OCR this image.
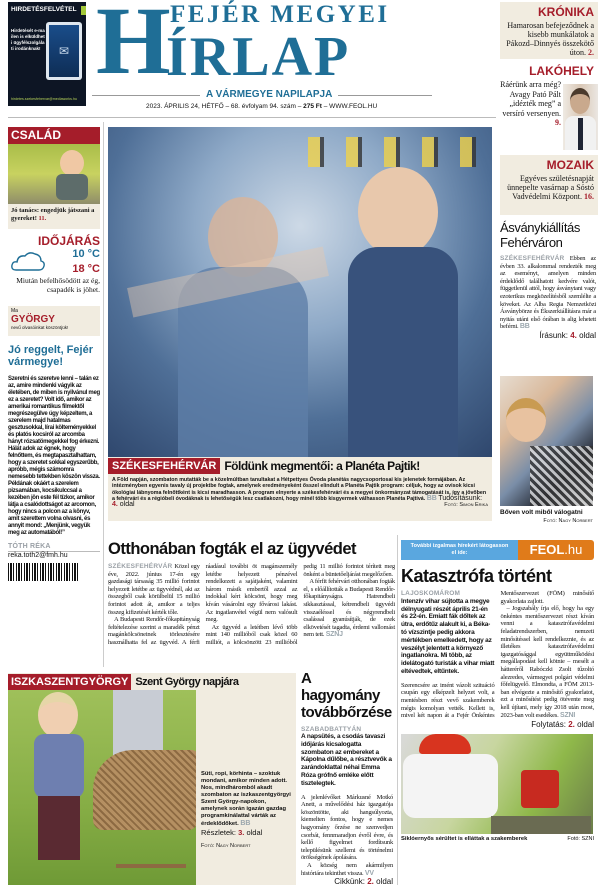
HIRDETÉSFELVÉTEL
✉
Hirdetését e-mailen is elküldheti ügyfélszolgálati irodánknak!
hirdetes.szekesfehervar@mediaworks.hu
H FEJÉR MEGYEI
ÍRLAP
A VÁRMEGYE NAPILAPJA
2023. ÁPRILIS 24, HÉTFŐ – 68. évfolyam 94. szám – 275 Ft – WWW.FEOL.HU
KRÓNIKA
Hamarosan befejeződnek a kisebb munkálatok a Pákozd–Dinnyés összekötő úton. 2.
LAKÓHELY
Ráérünk arra még? Avagy Pató Pált „idézték meg” a versíró versenyen.
9.
MOZAIK
Egyéves születésnapját ünnepelte vasárnap a Sóstó Vadvédelmi Központ. 16.
Ásványkiállítás Fehérváron
SZÉKESFEHÉRVÁR Ebben az évben 33. alkalommal rendezték meg az eseményt, amelyen minden érdeklődő találhatott kedvére valót, függetlenül attól, hogy ásványtani vagy ezoterikus megközelítésből szemlélte a köveket. Az Alba Regia Nemzetközi Ásványbörze és Ékszerkiállításra már a nyitás utáni első órában is alig lehetett beférni. BB
Írásunk: 4. oldal
Bőven volt miből válogatni
Fotó: Nagy Norbert
CSALÁD
Jó tanács: engedjük játszani a gyereket! 11.
IDŐJÁRÁS
10 °C
18 °C
Miután befelhősödött az ég, csapadék is jöhet.
Ma
GYÖRGY
nevű olvasóinkat köszöntjük!
Jó reggelt, Fejér vármegye!
Szeretni és szeretve lenni – talán ez az, amire mindenki vágyik az életében, de miben is nyilvánul meg ez a szeretet? Volt idő, amikor az amerikai romantikus filmektől megrészegülve úgy képzeltem, a szerelem majd hatalmas gesztusokkal, lírai költeményekkel és platós kocsiról az arcomba hányt rózsatömegekkel fog érkezni. Hálát adok az égnek, hogy felnőttem, és megtapasztalhattam, hogy a szeretet sokkal egyszerűbb, apróbb, mégis számomra nemesebb tettekben köszön vissza. Példának okáért a szerelem pizsamában, kocsikulccsal a kezében jön este fél tízkor, amikor látja a csalódottságot az arcomon, hogy nincs a polcon az a könyv, amit szerettem volna olvasni, és annyit mond: „Menjünk, vegyük meg az automatából!”
TÓTH RÉKA
reka.toth2@fmh.hu
SZÉKESFEHÉRVÁR Földünk megmentői: a Planéta Pajtik!
A Föld napján, szombaton mutatták be a közelmúltban tanultakat a Hétpettyes Óvoda planétás nagycsoportosai kis jelenetek formájában. Az intézményben egyenis tavaly új projektbe fogtak, amelynek eredményeként ősszel elindult a Planéta Pajtik program: céljuk, hogy az ovisok kicsi ökológiai lábnyoma felnőttként is kicsi maradhasson. A program elnyerte a székesfehérvári és a megyei önkormányzat támogatását is, így a jövőben a fehérvári és a régióbeli óvodáknak is lehetőségük lesz csatlakozni, hogy minél több kisgyermek válhasson Planéta Pajtivá. BB Tudósításunk: 4. oldal	Fotó: Simon Erika
Otthonában fogták el az ügyvédet

SZÉKESFEHÉRVÁR Közel egy éve, 2022. június 17-én egy gazdasági társaság 35 millió forintot helyezett letétbe az ügyvédnél, aki az összegből csak körülbelül 15 millió forintot adott át, amikor a teljes összeg kifizetését kérték tőle.

A Budapesti Rendőr-főkapitányság feltételezése szerint a maradék pénzt magánkölcsöneinek törlesztésére használhatta fel az ügyvéd. A férfi ráadásul további öt magánszemély letétbe helyezett pénzével rendelkezett a sajátjaként, valamint három másik embertől azzal az indokkal kért kölcsönt, hogy meg kíván vásárolni egy fővárosi lakást. Az ingatlanvétel végül nem valósult meg.

Az ügyvéd a letétben lévő több mint 140 millióból csak közel 60 milliót, a kölcsönzött 23 millióból pedig 11 millió forintot térített meg önként a büntetőeljárást megelőzően.

A férfit fehérvári otthonában fogták el, s előállították a Budapesti Rendőr-főkapitányságra. Hatrendbeli sikkasztással, kétrendbeli ügyvédi visszaéléssel és négyrendbeli csalással gyanúsítják, de ezek elkövetését tagadta, érdemi vallomást nem tett. SZNJ

ISZKASZENTGYÖRGY Szent György napjára
Süti, ropi, körhinta – szoktuk mondani, amikor minden adott. Nos, mindháromból akadt szombaton az iszkaszentgyörgyi Szent György-napokon, amelynek során igazán gazdag programkínálattal várták az érdeklődőket. BB
Részletek: 3. oldal
Fotó: Nagy Norbert
A hagyomány továbbőrzése
SZABADBATTYÁN
A napsütés, a csodás tavaszi időjárás kicsalogatta szombaton az embereket a Kápolna dűlőbe, a résztvevők a zarándoklattal néhai Emma Róza grófnő emléke előtt tisztelegtek.

A jelenlévőket Márkusné Motkó Anett, a művelődési ház igazgatója köszöntötte, aki hangsúlyozta, kiemelten fontos, hogy e nemes hagyomány őrzése ne szenvedjen csorbát, fennmaradjon évről évre, és kellő figyelmet fordítsunk településünk szellemi és történelmi örökségének ápolására.

A község nem akármilyen históriára tekinthet vissza. VV

Cikkünk: 2. oldal
További izgalmas hírekért látogasson el ide:	FEOL.hu
Katasztrófa történt

LAJOSKOMÁROM
Intenzív vihar sújtotta a megye délnyugati részét április 21-én és 22-én. Emiatt fák dőltek az útra, erdőtűz alakult ki, a Béka-tó vízszintje pedig akkora mértékben emelkedett, hogy az veszélyt jelentett a környező ingatlanokra. Mi több, az idelátogató turisták a vihar miatt eltévedtek, eltűntek.

Szerencsére az imént vázolt szituáció csupán egy elképzelt helyzet volt, a mentésben részt vevő szakemberek mégis komolyan vették. Kellett is, mivel két napon át a Fejér Önkéntes Mentőszervezet (FÖM) minősítő gyakorlata zajlott.

– Jogszabály írja elő, hogy ha egy önkéntes mentőszervezet részt kíván venni a katasztrófavédelmi feladatrendszerben, nemzeti minősítéssel kell rendelkeznie, és az illetékes katasztrófavédelmi igazgatósággal együttműködési megállapodást kell kötnie – mesélt a hátteréről Rabóczki Zsolt tűzoltó alezredes, vármegyei polgári védelmi főfelügyelő. Elmondta, a FÖM 2013-ban elvégezte a minősítő gyakorlatot, ezt a minősítést pedig ötévente meg kell újítani, mely így 2018 után most, 2023-ban volt esedékes. SZNI

Folytatás: 2. oldal
Siklóernyős sérültet is elláttak a szakemberek	Fotó: SZNI
